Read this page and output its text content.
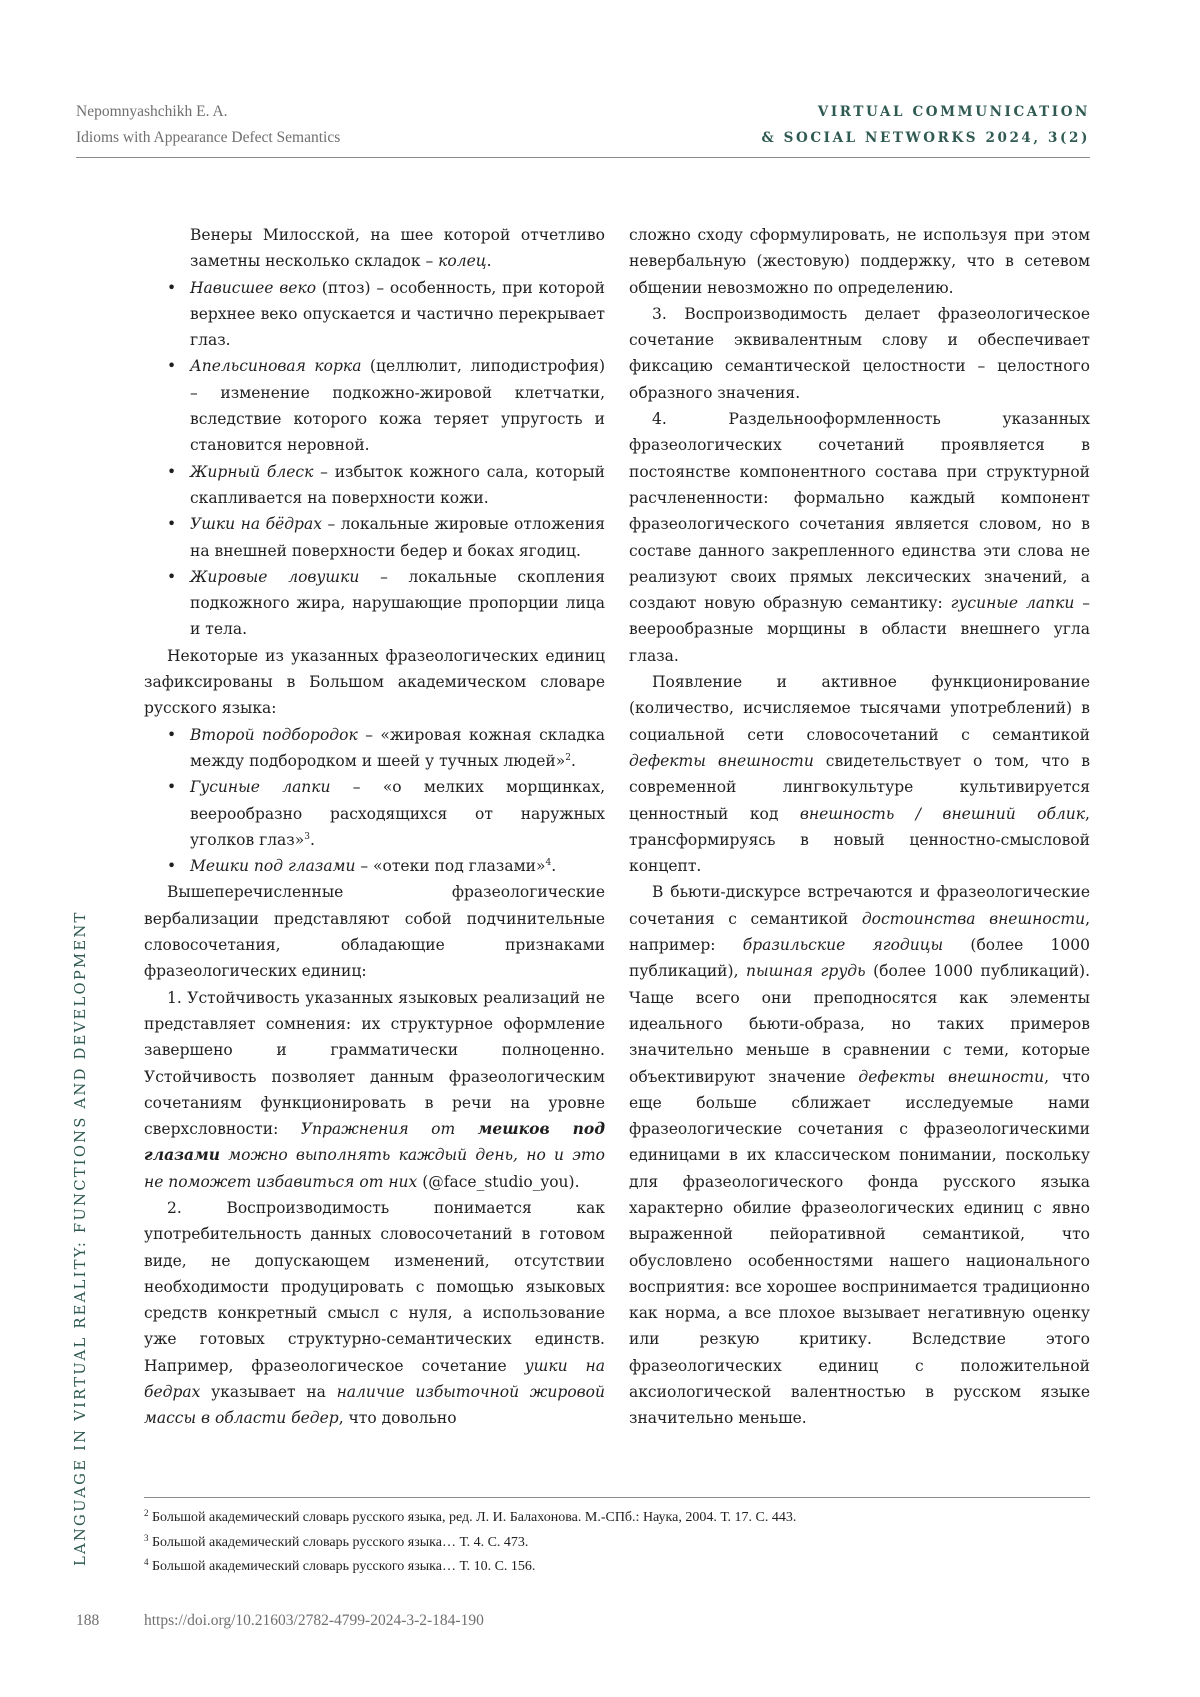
Nepomnyashchikh E. A.
Idioms with Appearance Defect Semantics
VIRTUAL COMMUNICATION
& SOCIAL NETWORKS 2024, 3(2)
LANGUAGE IN VIRTUAL REALITY: FUNCTIONS AND DEVELOPMENT

Венеры Милосской, на шее которой отчетливо заметны несколько складок – колец.

• Нависшее веко (птоз) – особенность, при которой верхнее веко опускается и частично перекрывает глаз.
• Апельсиновая корка (целлюлит, липодистрофия) – изменение подкожно-жировой клетчатки, вследствие которого кожа теряет упругость и становится неровной.
• Жирный блеск – избыток кожного сала, который скапливается на поверхности кожи.
• Ушки на бёдрах – локальные жировые отложения на внешней поверхности бедер и боках ягодиц.
• Жировые ловушки – локальные скопления подкожного жира, нарушающие пропорции лица и тела.

Некоторые из указанных фразеологических единиц зафиксированы в Большом академическом словаре русского языка:

• Второй подбородок – «жировая кожная складка между подбородком и шеей у тучных людей»$^2$.
• Гусиные лапки – «о мелких морщинках, веерообразно расходящихся от наружных уголков глаз»$^3$.
• Мешки под глазами – «отеки под глазами»$^4$.

Вышеперечисленные фразеологические вербализации представляют собой подчинительные словосочетания, обладающие признаками фразеологических единиц:

1. Устойчивость указанных языковых реализаций не представляет сомнения: их структурное оформление завершено и грамматически полноценно. Устойчивость позволяет данным фразеологическим сочетаниям функционировать в речи на уровне сверхсловности: Упражнения от мешков под глазами можно выполнять каждый день, но и это не поможет избавиться от них (@face_studio_you).
2. Воспроизводимость понимается как употребительность данных словосочетаний в готовом виде, не допускающем изменений, отсутствии необходимости продуцировать с помощью языковых средств конкретный смысл с нуля, а использование уже готовых структурно-семантических единств. Например, фразеологическое сочетание ушки на бедрах указывает на наличие избыточной жировой массы в области бедер, что довольно

сложно сходу сформулировать, не используя при этом невербальную (жестовую) поддержку, что в сетевом общении невозможно по определению.

3. Воспроизводимость делает фразеологическое сочетание эквивалентным слову и обеспечивает фиксацию семантической целостности – целостного образного значения.

4. Раздельнооформленность указанных фразеологических сочетаний проявляется в постоянстве компонентного состава при структурной расчлененности: формально каждый компонент фразеологического сочетания является словом, но в составе данного закрепленного единства эти слова не реализуют своих прямых лексических значений, а создают новую образную семантику: гусиные лапки – веерообразные морщины в области внешнего угла глаза.

Появление и активное функционирование (количество, исчисляемое тысячами употреблений) в социальной сети словосочетаний с семантикой дефекты внешности свидетельствует о том, что в современной лингвокультуре культивируется ценностный код внешность / внешний облик, трансформируясь в новый ценностно-смысловой концепт.

В бьюти-дискурсе встречаются и фразеологические сочетания с семантикой достоинства внешности, например: бразильские ягодицы (более 1000 публикаций), пышная грудь (более 1000 публикаций). Чаще всего они преподносятся как элементы идеального бьюти-образа, но таких примеров значительно меньше в сравнении с теми, которые объективируют значение дефекты внешности, что еще больше сближает исследуемые нами фразеологические сочетания с фразеологическими единицами в их классическом понимании, поскольку для фразеологического фонда русского языка характерно обилие фразеологических единиц с явно выраженной пейоративной семантикой, что обусловлено особенностями нашего национального восприятия: все хорошее воспринимается традиционно как норма, а все плохое вызывает негативную оценку или резкую критику. Вследствие этого фразеологических единиц с положительной аксиологической валентностью в русском языке значительно меньше.

$^2$ Большой академический словарь русского языка, ред. Л. И. Балахонова. М.-СПб.: Наука, 2004. Т. 17. С. 443.
$^3$ Большой академический словарь русского языка… Т. 4. С. 473.
$^4$ Большой академический словарь русского языка… Т. 10. С. 156.
188	https://doi.org/10.21603/2782-4799-2024-3-2-184-190
